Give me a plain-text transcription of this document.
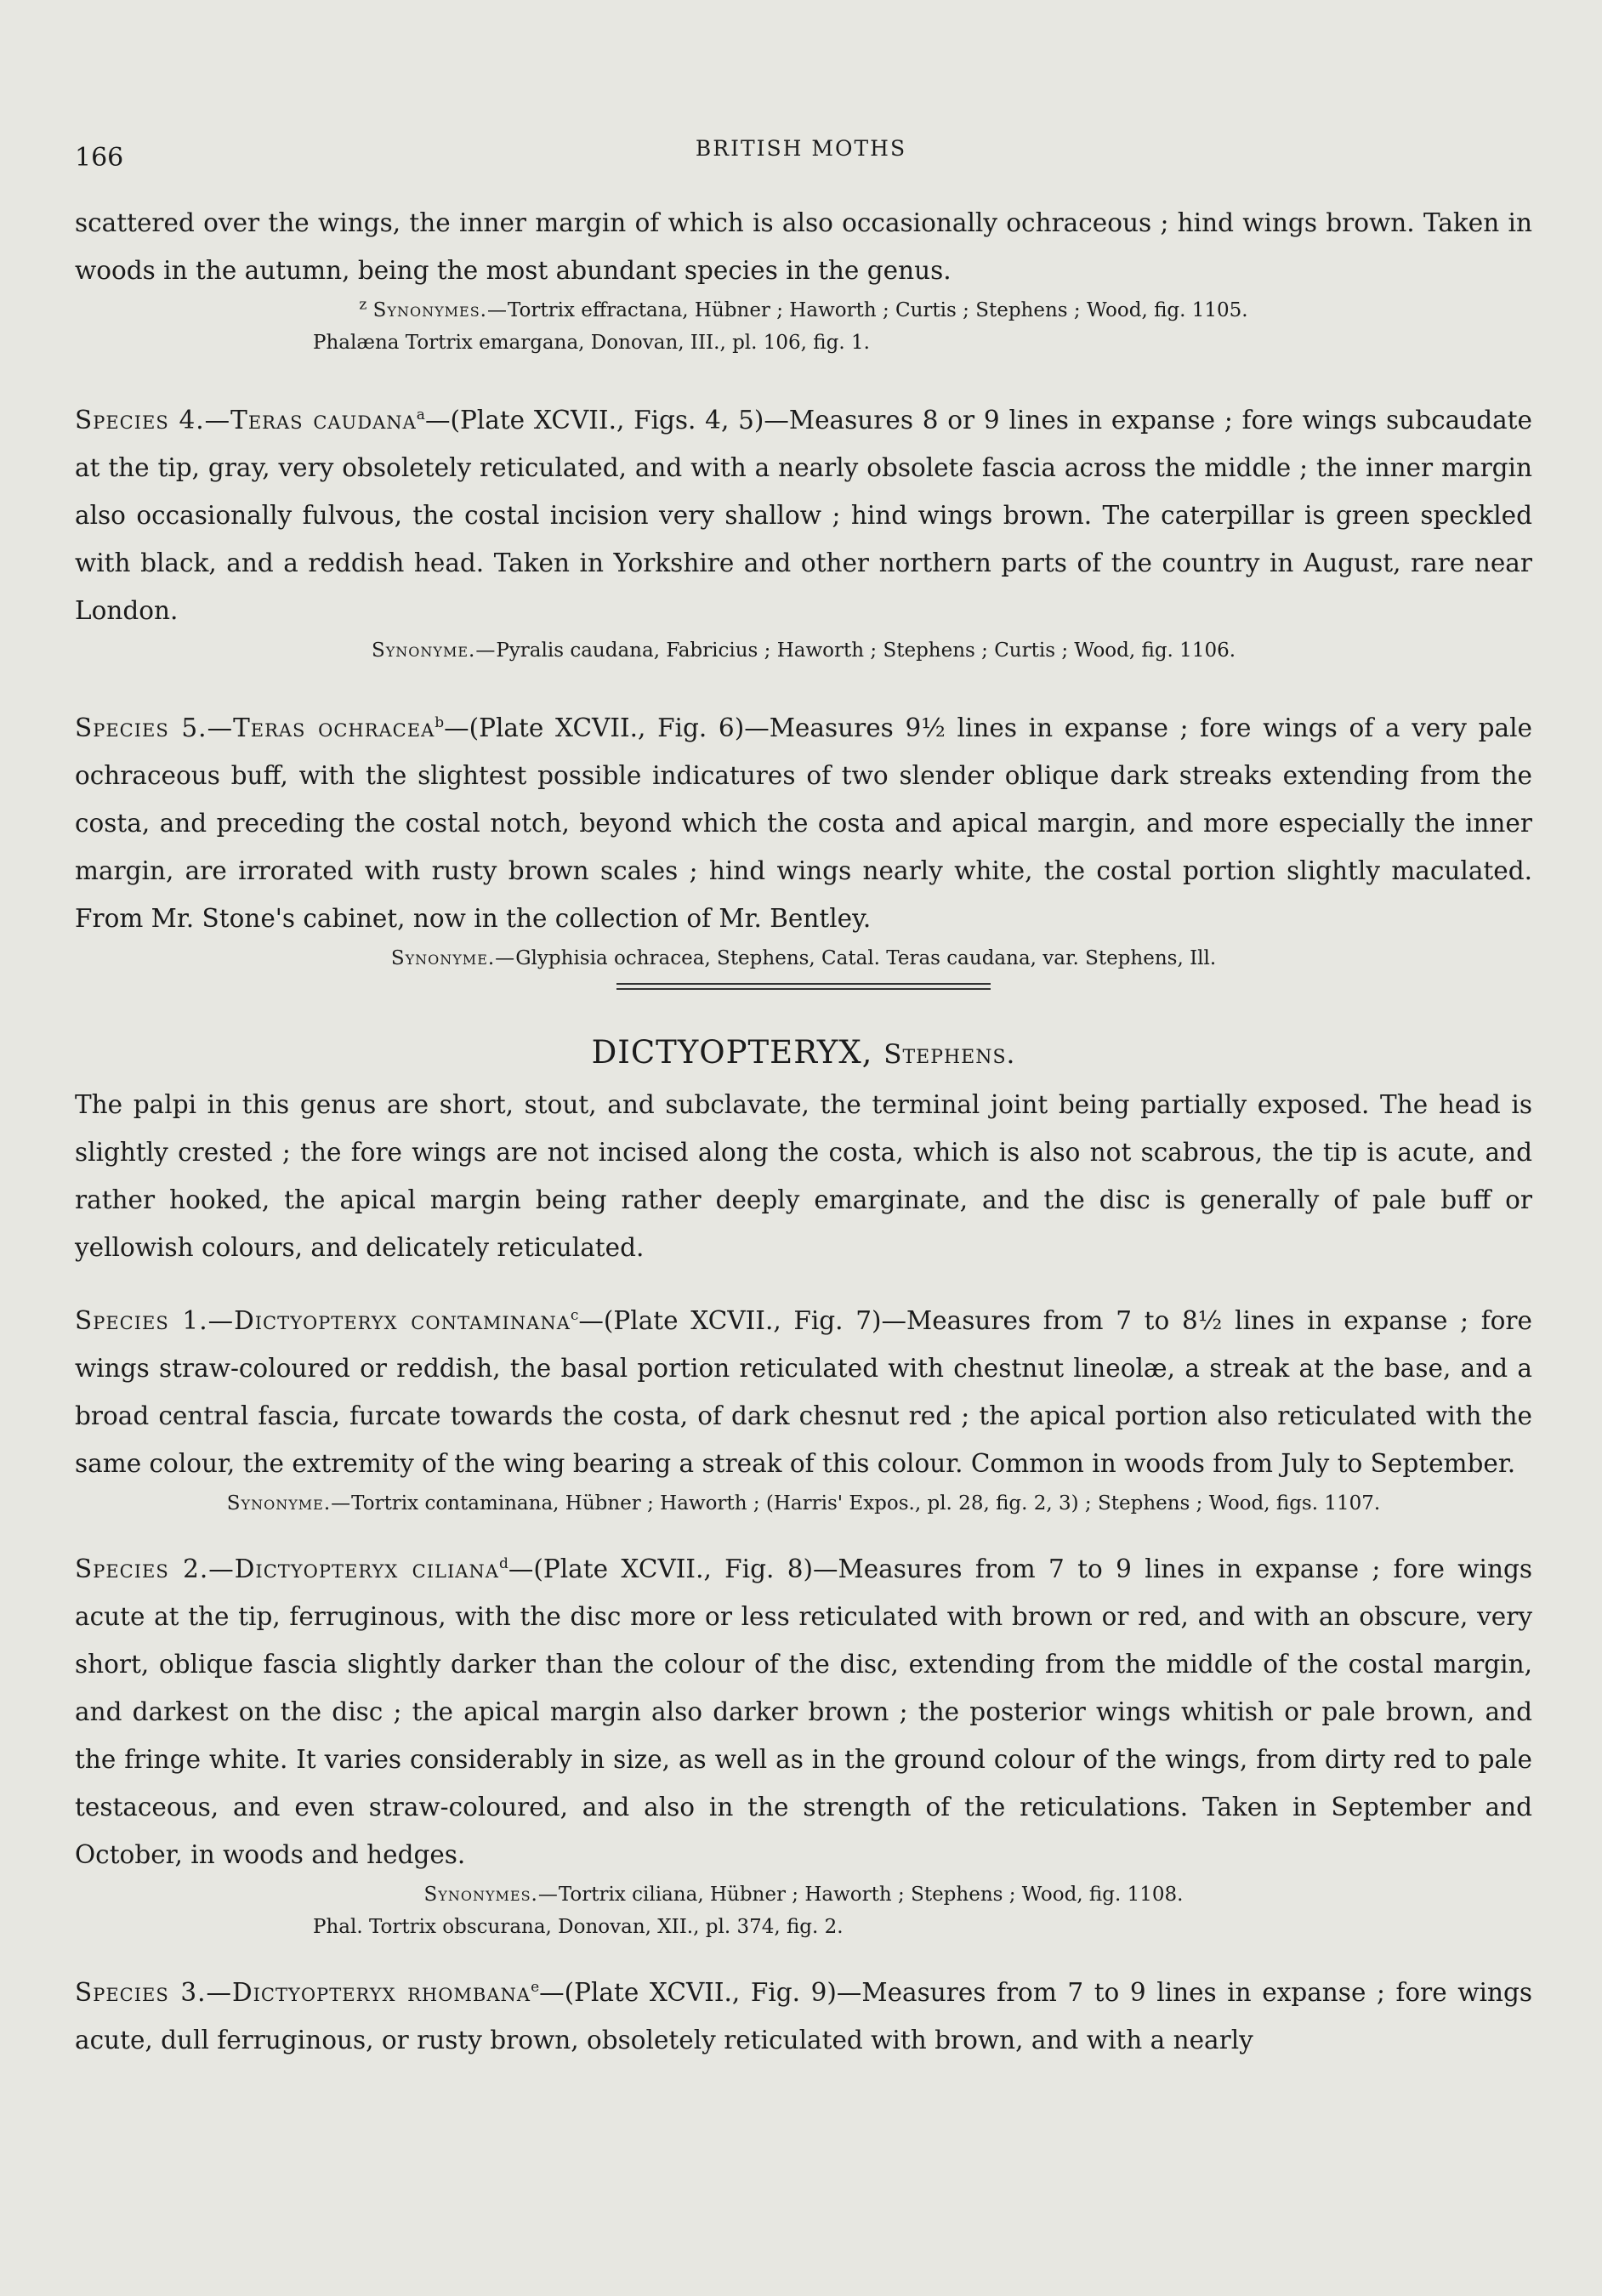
166	BRITISH MOTHS

scattered over the wings, the inner margin of which is also occasionally ochraceous ; hind wings brown. Taken in woods in the autumn, being the most abundant species in the genus.

$^z$ Synonymes.—Tortrix effractana, Hübner ; Haworth ; Curtis ; Stephens ; Wood, fig. 1105.
Phalæna Tortrix emargana, Donovan, III., pl. 106, fig. 1.

Species 4.—Teras caudana$^a$—(Plate XCVII., Figs. 4, 5)—Measures 8 or 9 lines in expanse ; fore wings subcaudate at the tip, gray, very obsoletely reticulated, and with a nearly obsolete fascia across the middle ; the inner margin also occasionally fulvous, the costal incision very shallow ; hind wings brown. The caterpillar is green speckled with black, and a reddish head. Taken in Yorkshire and other northern parts of the country in August, rare near London.

Synonyme.—Pyralis caudana, Fabricius ; Haworth ; Stephens ; Curtis ; Wood, fig. 1106.

Species 5.—Teras ochracea$^b$—(Plate XCVII., Fig. 6)—Measures 9½ lines in expanse ; fore wings of a very pale ochraceous buff, with the slightest possible indicatures of two slender oblique dark streaks extending from the costa, and preceding the costal notch, beyond which the costa and apical margin, and more especially the inner margin, are irrorated with rusty brown scales ; hind wings nearly white, the costal portion slightly maculated. From Mr. Stone's cabinet, now in the collection of Mr. Bentley.

Synonyme.—Glyphisia ochracea, Stephens, Catal. Teras caudana, var. Stephens, Ill.
DICTYOPTERYX, Stephens.

The palpi in this genus are short, stout, and subclavate, the terminal joint being partially exposed. The head is slightly crested ; the fore wings are not incised along the costa, which is also not scabrous, the tip is acute, and rather hooked, the apical margin being rather deeply emarginate, and the disc is generally of pale buff or yellowish colours, and delicately reticulated.

Species 1.—Dictyopteryx contaminana$^c$—(Plate XCVII., Fig. 7)—Measures from 7 to 8½ lines in expanse ; fore wings straw-coloured or reddish, the basal portion reticulated with chestnut lineolæ, a streak at the base, and a broad central fascia, furcate towards the costa, of dark chesnut red ; the apical portion also reticulated with the same colour, the extremity of the wing bearing a streak of this colour. Common in woods from July to September.

Synonyme.—Tortrix contaminana, Hübner ; Haworth ; (Harris' Expos., pl. 28, fig. 2, 3) ; Stephens ; Wood, figs. 1107.

Species 2.—Dictyopteryx ciliana$^d$—(Plate XCVII., Fig. 8)—Measures from 7 to 9 lines in expanse ; fore wings acute at the tip, ferruginous, with the disc more or less reticulated with brown or red, and with an obscure, very short, oblique fascia slightly darker than the colour of the disc, extending from the middle of the costal margin, and darkest on the disc ; the apical margin also darker brown ; the posterior wings whitish or pale brown, and the fringe white. It varies considerably in size, as well as in the ground colour of the wings, from dirty red to pale testaceous, and even straw-coloured, and also in the strength of the reticulations. Taken in September and October, in woods and hedges.

Synonymes.—Tortrix ciliana, Hübner ; Haworth ; Stephens ; Wood, fig. 1108.
Phal. Tortrix obscurana, Donovan, XII., pl. 374, fig. 2.

Species 3.—Dictyopteryx rhombana$^e$—(Plate XCVII., Fig. 9)—Measures from 7 to 9 lines in expanse ; fore wings acute, dull ferruginous, or rusty brown, obsoletely reticulated with brown, and with a nearly
